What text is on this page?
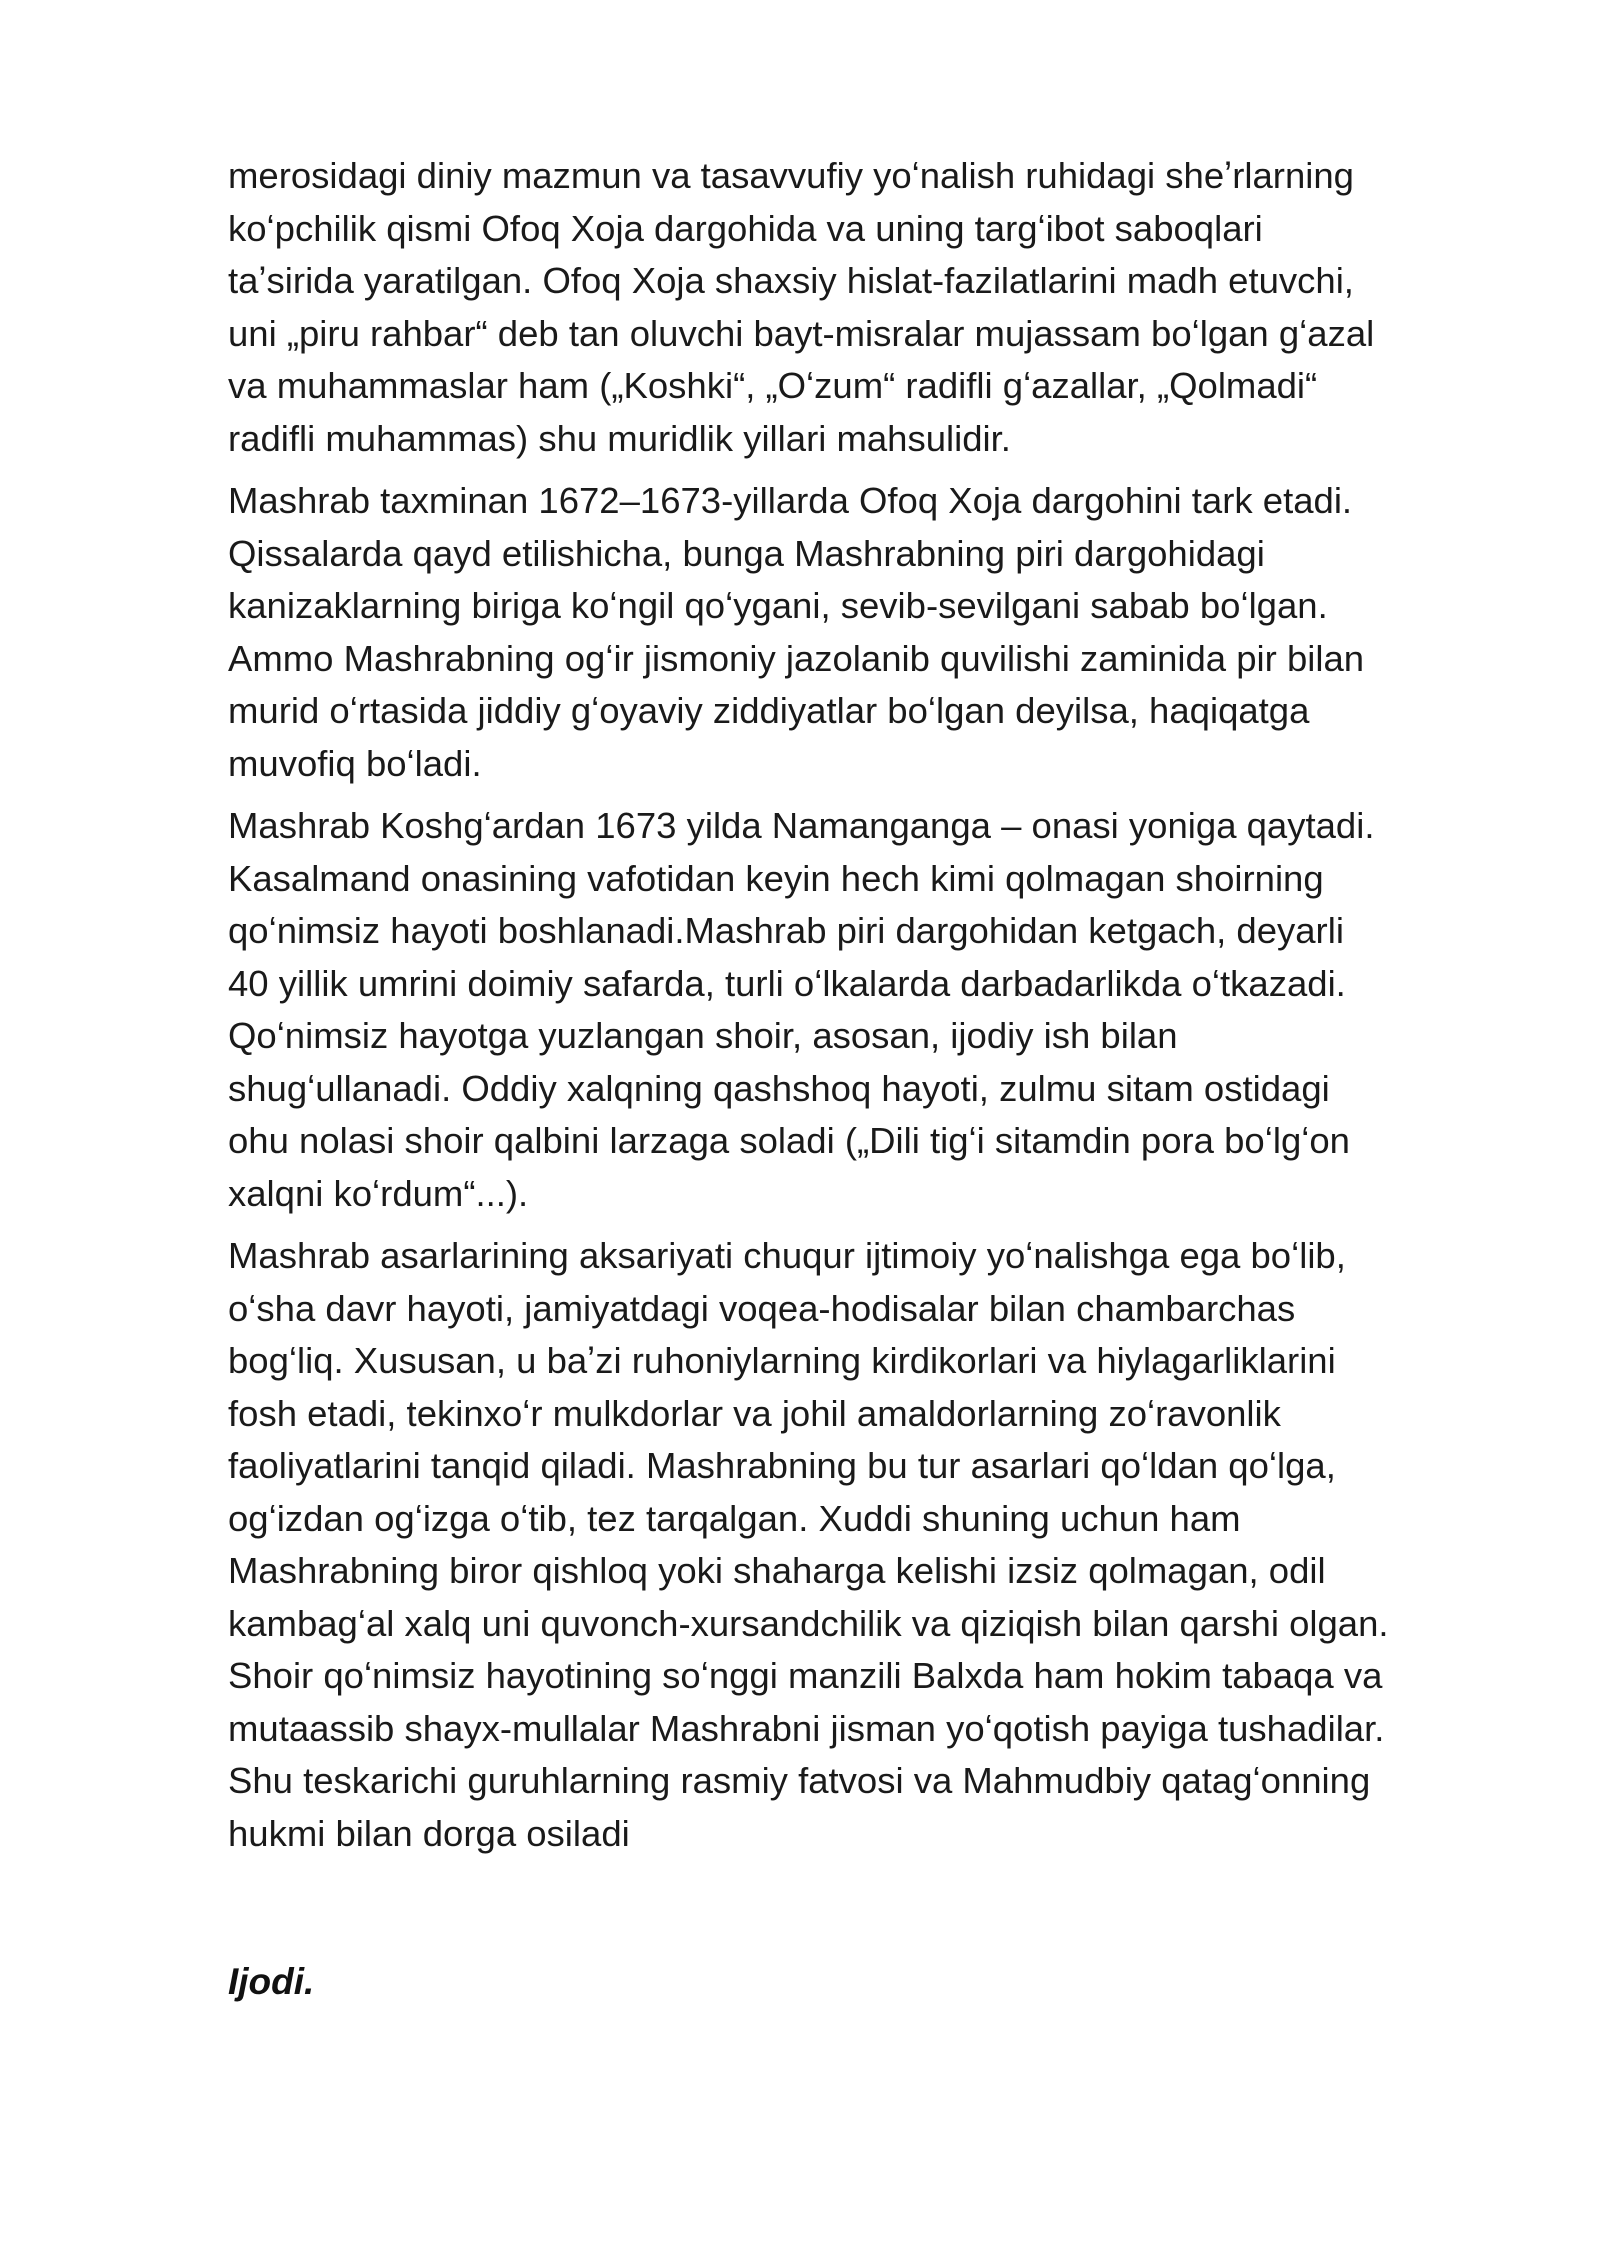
merosidagi diniy mazmun va tasavvufiy yoʻnalish ruhidagi sheʼrlarning
koʻpchilik qismi Ofoq Xoja dargohida va uning targʻibot saboqlari
taʼsirida yaratilgan. Ofoq Xoja shaxsiy hislat-fazilatlarini madh etuvchi,
uni „piru rahbar“ deb tan oluvchi bayt-misralar mujassam boʻlgan gʻazal
va muhammaslar ham („Koshki“, „Oʻzum“ radifli gʻazallar, „Qolmadi“
radifli muhammas) shu muridlik yillari mahsulidir.
Mashrab taxminan 1672–1673-yillarda Ofoq Xoja dargohini tark etadi.
Qissalarda qayd etilishicha, bunga Mashrabning piri dargohidagi
kanizaklarning biriga koʻngil qoʻygani, sevib-sevilgani sabab boʻlgan.
Ammo Mashrabning ogʻir jismoniy jazolanib quvilishi zaminida pir bilan
murid oʻrtasida jiddiy gʻoyaviy ziddiyatlar boʻlgan deyilsa, haqiqatga
muvofiq boʻladi.
Mashrab Koshgʻardan 1673 yilda Namanganga – onasi yoniga qaytadi.
Kasalmand onasining vafotidan keyin hech kimi qolmagan shoirning
qoʻnimsiz hayoti boshlanadi.Mashrab piri dargohidan ketgach, deyarli
40 yillik umrini doimiy safarda, turli oʻlkalarda darbadarlikda oʻtkazadi.
Qoʻnimsiz hayotga yuzlangan shoir, asosan, ijodiy ish bilan
shugʻullanadi. Oddiy xalqning qashshoq hayoti, zulmu sitam ostidagi
ohu nolasi shoir qalbini larzaga soladi („Dili tigʻi sitamdin pora boʻlgʻon
xalqni koʻrdum“...).
Mashrab asarlarining aksariyati chuqur ijtimoiy yoʻnalishga ega boʻlib,
oʻsha davr hayoti, jamiyatdagi voqea-hodisalar bilan chambarchas
bogʻliq. Xususan, u baʼzi ruhoniylarning kirdikorlari va hiylagarliklarini
fosh etadi, tekinxoʻr mulkdorlar va johil amaldorlarning zoʻravonlik
faoliyatlarini tanqid qiladi. Mashrabning bu tur asarlari qoʻldan qoʻlga,
ogʻizdan ogʻizga oʻtib, tez tarqalgan. Xuddi shuning uchun ham
Mashrabning biror qishloq yoki shaharga kelishi izsiz qolmagan, odil
kambagʻal xalq uni quvonch-xursandchilik va qiziqish bilan qarshi olgan.
Shoir qoʻnimsiz hayotining soʻnggi manzili Balxda ham hokim tabaqa va
mutaassib shayx-mullalar Mashrabni jisman yoʻqotish payiga tushadilar.
Shu teskarichi guruhlarning rasmiy fatvosi va Mahmudbiy qatagʻonning
hukmi bilan dorga osiladi
Ijodi.
